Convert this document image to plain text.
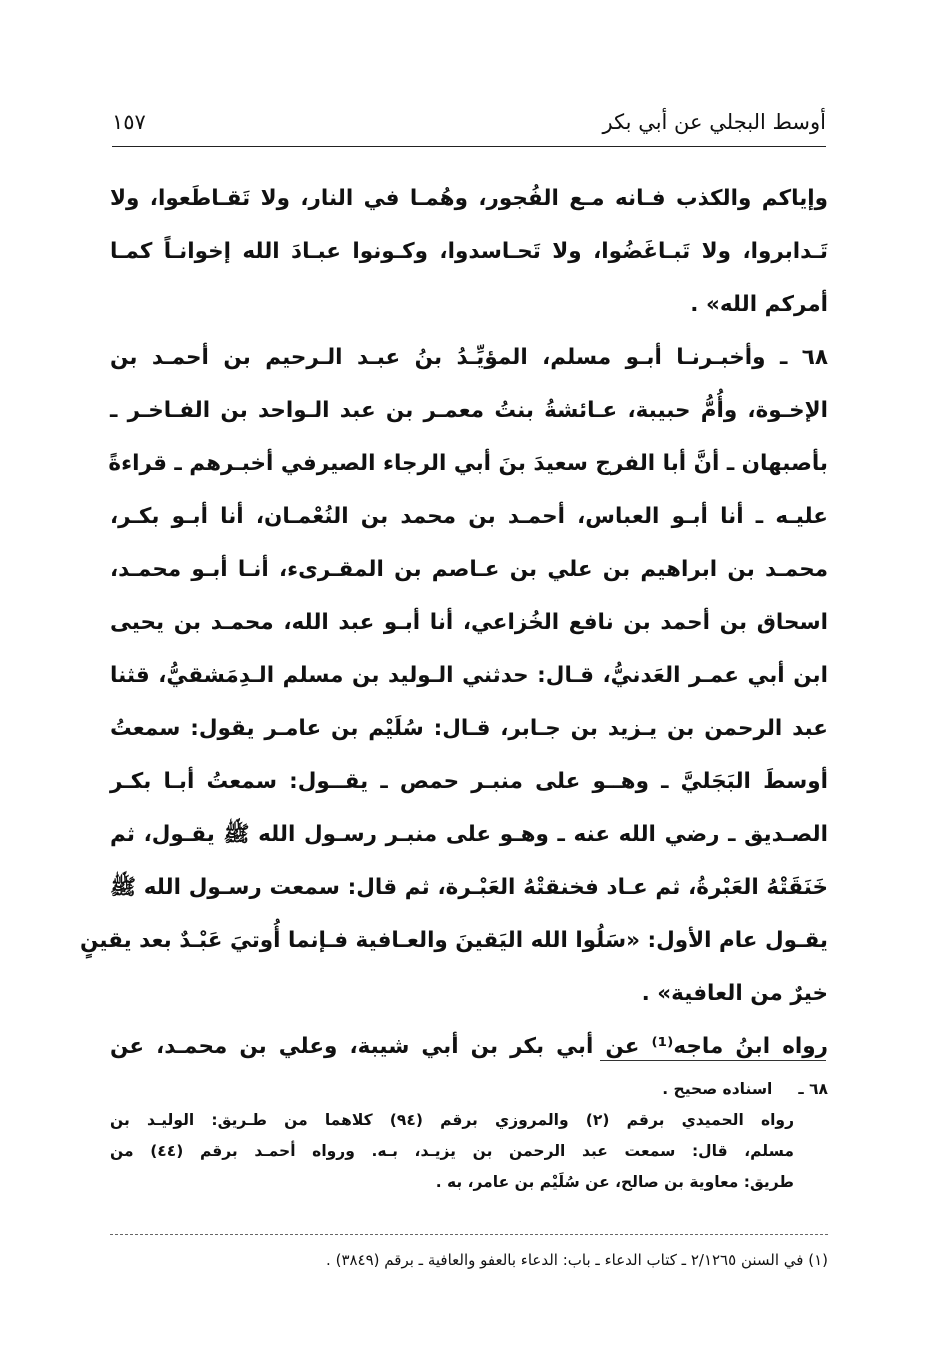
أوسط البجلي عن أبي بكر
١٥٧
وإياكم والكذب فـانه مـع الفُجور، وهُمـا في النار، ولا تَقـاطَعوا، ولا
تَـدابروا، ولا تَبـاغَضُوا، ولا تَحـاسدوا، وكـونوا عبـادَ الله إخوانـاً كمـا
أمركم الله» .
٦٨ ـ وأخبـرنـا أبـو مسلم، المؤيِّـدُ بنُ عبـد الـرحيم بن أحمـد بن
الإخـوة، وأُمُّ حبيبة، عـائشةُ بنتُ معمـر بن عبد الـواحد بن الفـاخـر ـ
بأصبهان ـ أنَّ أبا الفرج سعيدَ بنَ أبي الرجاء الصيرفي أخبـرهم ـ قراءةً
عليـه ـ أنا أبـو العباس، أحمـد بن محمد بن النُعْمـان، أنا أبـو بكـر،
محمـد بن ابراهيم بن علي بن عـاصم بن المقـرىء، أنـا أبـو محمـد،
اسحاق بن أحمد بن نافع الخُزاعي، أنا أبـو عبد الله، محمـد بن يحيى
ابن أبي عمـر العَدنيُّ، قـال: حدثني الـوليد بن مسلم الـدِمَشقيُّ، قثنا
عبد الرحمن بن يـزيد بن جـابر، قـال: سُلَيْم بن عامـر يقول: سمعتُ
أوسطَ البَجَليَّ ـ وهــو على منبـر حمص ـ يقــول: سمعتُ أبـا بكـر
الصـديق ـ رضي الله عنه ـ وهـو على منبـر رسـول الله ﷺ يقـول، ثم
خَنَقَتْهُ العَبْرةُ، ثم عـاد فخنقتْهُ العَبْـرة، ثم قال: سمعت رسـول الله ﷺ
يقـول عام الأول: «سَلُوا الله اليَقينَ والعـافية فـإنما أُوتيَ عَبْـدٌ بعد يقينٍ
خيرٌ من العافية» .
رواه ابنُ ماجه⁽¹⁾ عن أبي بكر بن أبي شيبة، وعلي بن محمـد، عن
٦٨ ـ
اسناده صحيح .
رواه الحميدي برقم (٢) والمروزي برقم (٩٤) كلاهما من طـريق: الوليـد بن
مسلم، قال: سمعت عبد الرحمن بن يزيـد، بـه. ورواه أحمـد برقم (٤٤) من
طريق: معاوية بن صالح، عن سُلَيْم بن عامر، به .
(١) في السنن ٢/١٢٦٥ ـ كتاب الدعاء ـ باب: الدعاء بالعفو والعافية ـ برقم (٣٨٤٩) .
